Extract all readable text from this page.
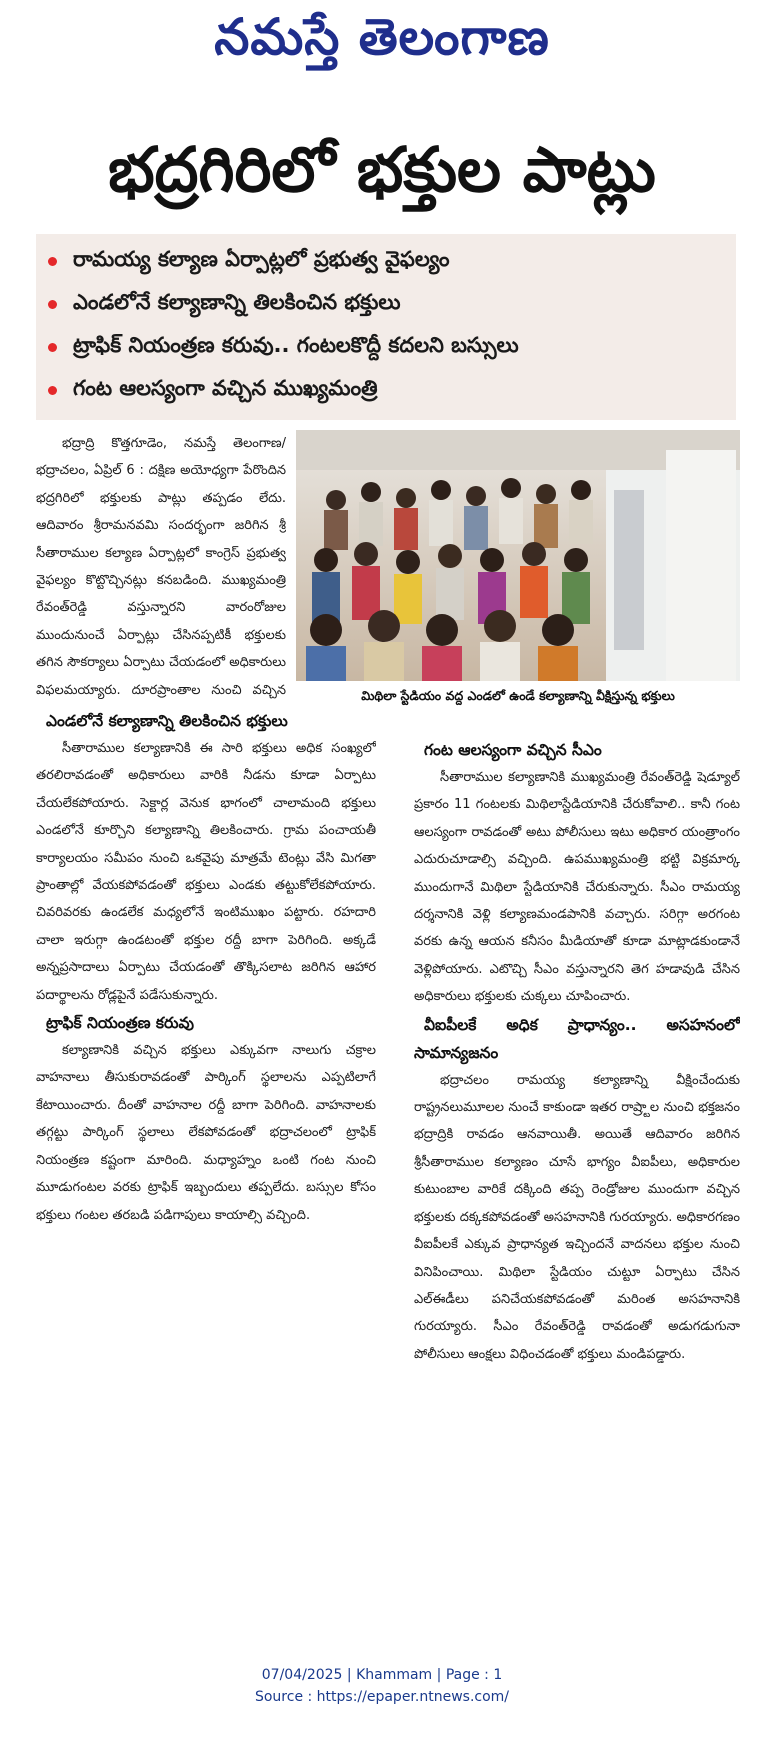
నమస్తే తెలంగాణ
భద్రగిరిలో భక్తుల పాట్లు
రామయ్య కల్యాణ ఏర్పాట్లలో ప్రభుత్వ వైఫల్యం
ఎండలోనే కల్యాణాన్ని తిలకించిన భక్తులు
ట్రాఫిక్ నియంత్రణ కరువు.. గంటలకొద్దీ కదలని బస్సులు
గంట ఆలస్యంగా వచ్చిన ముఖ్యమంత్రి
మిథిలా స్టేడియం వద్ద ఎండలో ఉండే కల్యాణాన్ని వీక్షిస్తున్న భక్తులు

భద్రాద్రి కొత్తగూడెం, నమస్తే తెలంగాణ/ భద్రాచలం, ఏప్రిల్ 6 : దక్షిణ అయోధ్యగా పేరొందిన భద్రగిరిలో భక్తులకు పాట్లు తప్పడం లేదు. ఆదివారం శ్రీరామనవమి సందర్భంగా జరిగిన శ్రీ సీతారాముల కల్యాణ ఏర్పాట్లలో కాంగ్రెస్ ప్రభుత్వ వైఫల్యం కొట్టొచ్చినట్లు కనబడింది. ముఖ్యమంత్రి రేవంత్‌రెడ్డి వస్తున్నారని వారంరోజుల ముందునుంచే ఏర్పాట్లు చేసినప్పటికీ భక్తులకు తగిన సౌకర్యాలు ఏర్పాటు చేయడంలో అధికారులు విఫలమయ్యారు. దూరప్రాంతాల నుంచి వచ్చిన

ఎండలోనే కల్యాణాన్ని తిలకించిన భక్తులు

సీతారాముల కల్యాణానికి ఈ సారి భక్తులు అధిక సంఖ్యలో తరలిరావడంతో అధికారులు వారికి నీడను కూడా ఏర్పాటు చేయలేకపోయారు. సెక్టార్ల వెనుక భాగంలో చాలామంది భక్తులు ఎండలోనే కూర్చొని కల్యాణాన్ని తిలకించారు. గ్రామ పంచాయతీ కార్యాలయం సమీపం నుంచి ఒకవైపు మాత్రమే టెంట్లు వేసి మిగతా ప్రాంతాల్లో వేయకపోవడంతో భక్తులు ఎండకు తట్టుకోలేకపోయారు. చివరివరకు ఉండలేక మధ్యలోనే ఇంటిముఖం పట్టారు. రహదారి చాలా ఇరుగ్గా ఉండటంతో భక్తుల రద్దీ బాగా పెరిగింది. అక్కడే అన్నప్రసాదాలు ఏర్పాటు చేయడంతో తొక్కిసలాట జరిగిన ఆహార పదార్థాలను రోడ్లపైనే పడేసుకున్నారు.

ట్రాఫిక్ నియంత్రణ కరువు

కల్యాణానికి వచ్చిన భక్తులు ఎక్కువగా నాలుగు చక్రాల వాహనాలు తీసుకురావడంతో పార్కింగ్ స్థలాలను ఎప్పటిలాగే కేటాయించారు. దీంతో వాహనాల రద్దీ బాగా పెరిగింది. వాహనాలకు తగ్గట్టు పార్కింగ్ స్థలాలు లేకపోవడంతో భద్రాచలంలో ట్రాఫిక్ నియంత్రణ కష్టంగా మారింది. మధ్యాహ్నం ఒంటి గంట నుంచి మూడుగంటల వరకు ట్రాఫిక్ ఇబ్బందులు తప్పలేదు. బస్సుల కోసం భక్తులు గంటల తరబడి పడిగాపులు కాయాల్సి వచ్చింది.

గంట ఆలస్యంగా వచ్చిన సీఎం

సీతారాముల కల్యాణానికి ముఖ్యమంత్రి రేవంత్‌రెడ్డి షెడ్యూల్ ప్రకారం 11 గంటలకు మిథిలాస్టేడియానికి చేరుకోవాలి.. కానీ గంట ఆలస్యంగా రావడంతో అటు పోలీసులు ఇటు అధికార యంత్రాంగం ఎదురుచూడాల్సి వచ్చింది. ఉపముఖ్యమంత్రి భట్టి విక్రమార్క ముందుగానే మిథిలా స్టేడియానికి చేరుకున్నారు. సీఎం రామయ్య దర్శనానికి వెళ్లి కల్యాణమండపానికి వచ్చారు. సరిగ్గా అరగంట వరకు ఉన్న ఆయన కనీసం మీడియాతో కూడా మాట్లాడకుండానే వెళ్లిపోయారు. ఎటొచ్చి సీఎం వస్తున్నారని తెగ హడావుడి చేసిన అధికారులు భక్తులకు చుక్కలు చూపించారు.

వీఐపీలకే అధిక ప్రాధాన్యం.. అసహనంలో సామాన్యజనం

భద్రాచలం రామయ్య కల్యాణాన్ని వీక్షించేందుకు రాష్ట్రనలుమూలల నుంచే కాకుండా ఇతర రాష్ర్టాల నుంచి భక్తజనం భద్రాద్రికి రావడం ఆనవాయితీ. అయితే ఆదివారం జరిగిన శ్రీసీతారాముల కల్యాణం చూసే భాగ్యం వీఐపీలు, అధికారుల కుటుంబాల వారికే దక్కింది తప్ప రెండ్రోజుల ముందుగా వచ్చిన భక్తులకు దక్కకపోవడంతో అసహనానికి గురయ్యారు. అధికారగణం వీఐపీలకే ఎక్కువ ప్రాధాన్యత ఇచ్చిందనే వాదనలు భక్తుల నుంచి వినిపించాయి. మిథిలా స్టేడియం చుట్టూ ఏర్పాటు చేసిన ఎల్‌ఈడీలు పనిచేయకపోవడంతో మరింత అసహనానికి గురయ్యారు. సీఎం రేవంత్‌రెడ్డి రావడంతో అడుగడుగునా పోలీసులు ఆంక్షలు విధించడంతో భక్తులు మండిపడ్డారు.

07/04/2025 | Khammam | Page : 1
Source : https://epaper.ntnews.com/
